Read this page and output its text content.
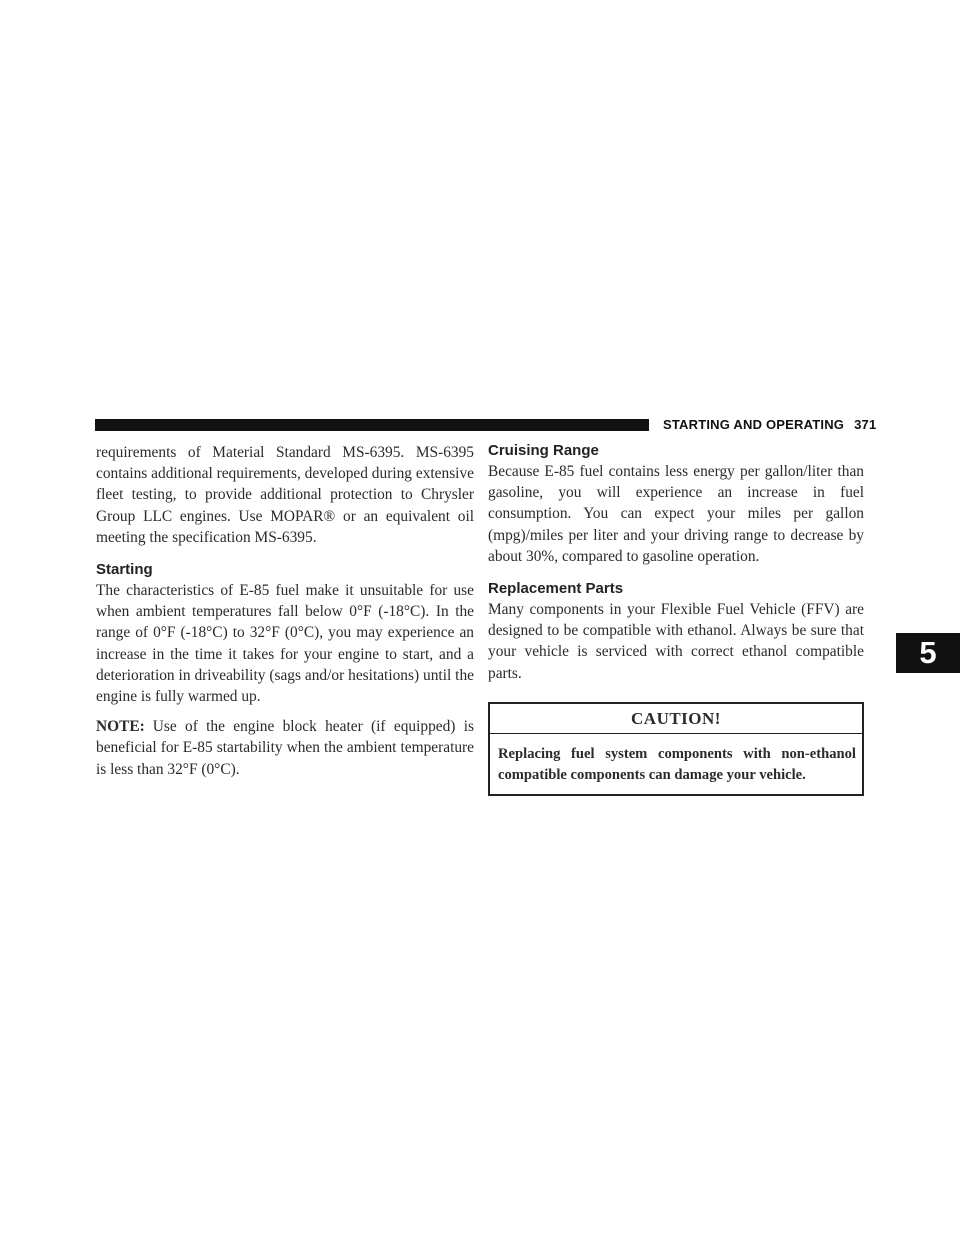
STARTING AND OPERATING 371
5

requirements of Material Standard MS-6395. MS-6395 contains additional requirements, developed during extensive fleet testing, to provide additional protection to Chrysler Group LLC engines. Use MOPAR® or an equivalent oil meeting the specification MS-6395.

Starting

The characteristics of E-85 fuel make it unsuitable for use when ambient temperatures fall below 0°F (-18°C). In the range of 0°F (-18°C) to 32°F (0°C), you may experience an increase in the time it takes for your engine to start, and a deterioration in driveability (sags and/or hesitations) until the engine is fully warmed up.

NOTE: Use of the engine block heater (if equipped) is beneficial for E-85 startability when the ambient temperature is less than 32°F (0°C).

Cruising Range

Because E-85 fuel contains less energy per gallon/liter than gasoline, you will experience an increase in fuel consumption. You can expect your miles per gallon (mpg)/miles per liter and your driving range to decrease by about 30%, compared to gasoline operation.

Replacement Parts

Many components in your Flexible Fuel Vehicle (FFV) are designed to be compatible with ethanol. Always be sure that your vehicle is serviced with correct ethanol compatible parts.

CAUTION!
Replacing fuel system components with non-ethanol compatible components can damage your vehicle.
